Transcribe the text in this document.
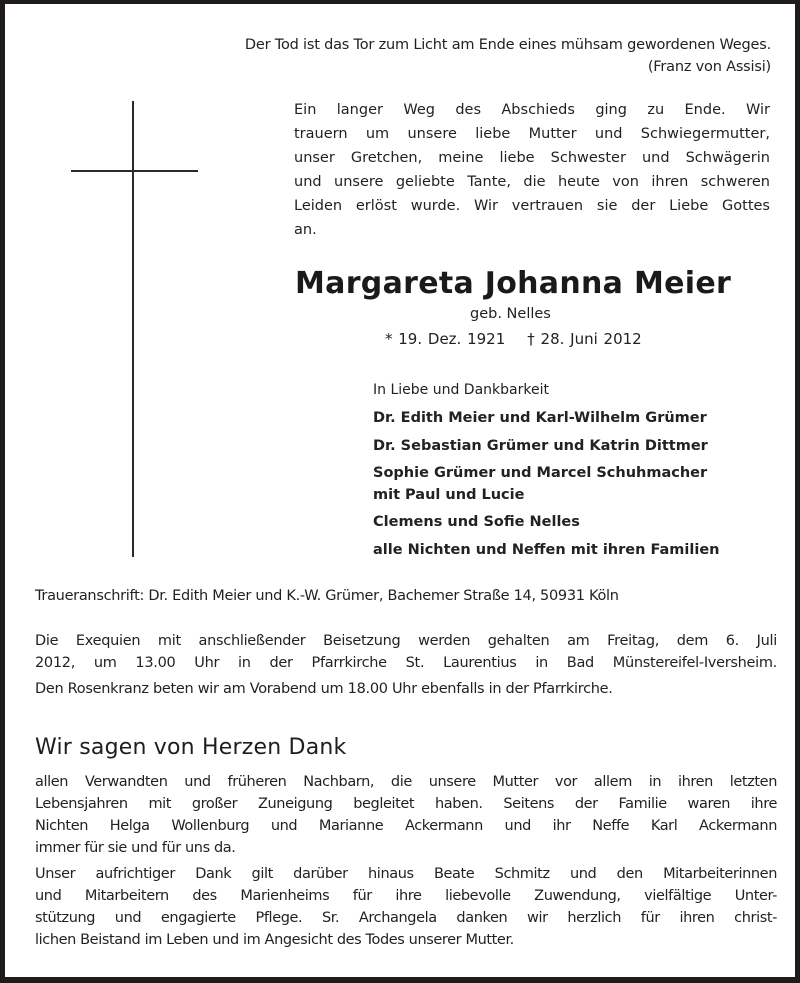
Der Tod ist das Tor zum Licht am Ende eines mühsam gewordenen Weges.
(Franz von Assisi)
Ein langer Weg des Abschieds ging zu Ende. Wir
trauern um unsere liebe Mutter und Schwiegermutter,
unser Gretchen, meine liebe Schwester und Schwägerin
und unsere geliebte Tante, die heute von ihren schweren
Leiden erlöst wurde. Wir vertrauen sie der Liebe Gottes
an.
Margareta Johanna Meier
geb. Nelles
* 19. Dez. 1921 † 28. Juni 2012
In Liebe und Dankbarkeit
Dr. Edith Meier und Karl-Wilhelm Grümer
Dr. Sebastian Grümer und Katrin Dittmer
Sophie Grümer und Marcel Schuhmacher
mit Paul und Lucie
Clemens und Sofie Nelles
alle Nichten und Neffen mit ihren Familien
Traueranschrift: Dr. Edith Meier und K.-W. Grümer, Bachemer Straße 14, 50931 Köln
Die Exequien mit anschließender Beisetzung werden gehalten am Freitag, dem 6. Juli
2012, um 13.00 Uhr in der Pfarrkirche St. Laurentius in Bad Münstereifel-Iversheim.
Den Rosenkranz beten wir am Vorabend um 18.00 Uhr ebenfalls in der Pfarrkirche.
Wir sagen von Herzen Dank
allen Verwandten und früheren Nachbarn, die unsere Mutter vor allem in ihren letzten
Lebensjahren mit großer Zuneigung begleitet haben. Seitens der Familie waren ihre
Nichten Helga Wollenburg und Marianne Ackermann und ihr Neffe Karl Ackermann
immer für sie und für uns da.
Unser aufrichtiger Dank gilt darüber hinaus Beate Schmitz und den Mitarbeiterinnen
und Mitarbeitern des Marienheims für ihre liebevolle Zuwendung, vielfältige Unter-
stützung und engagierte Pflege. Sr. Archangela danken wir herzlich für ihren christ-
lichen Beistand im Leben und im Angesicht des Todes unserer Mutter.
